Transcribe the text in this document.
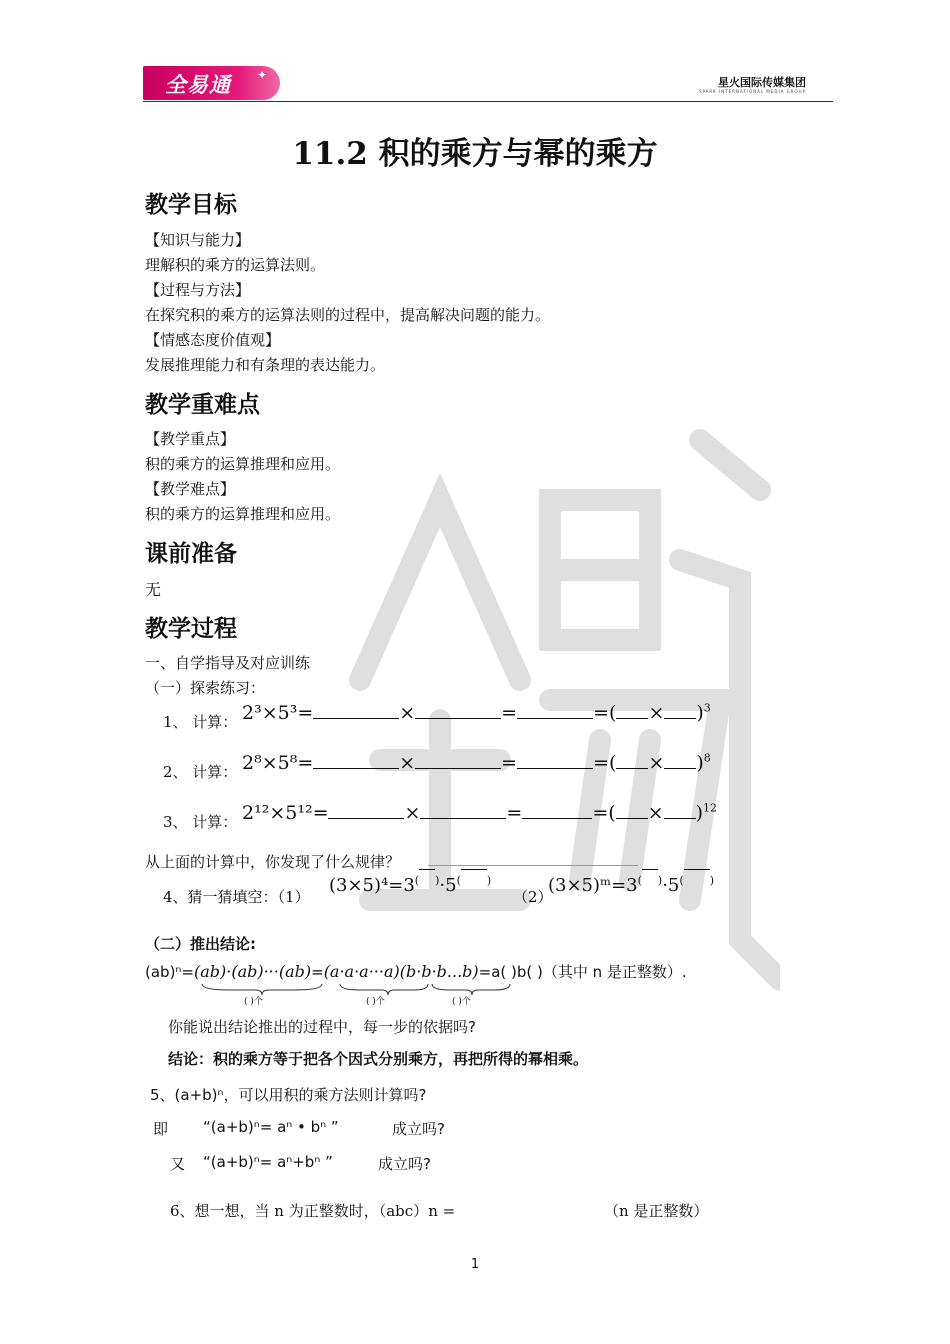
全易通 ✦
星火国际传媒集团
SPARK INTERNATIONAL MEDIA GROUP
11.2 积的乘方与幂的乘方
教学目标
【知识与能力】
理解积的乘方的运算法则。
【过程与方法】
在探究积的乘方的运算法则的过程中，提高解决问题的能力。
【情感态度价值观】
发展推理能力和有条理的表达能力。
教学重难点
【教学重点】
积的乘方的运算推理和应用。
【教学难点】
积的乘方的运算推理和应用。
课前准备
无
教学过程
一、自学指导及对应训练
（一）探索练习：
1、 计算： 2³×5³=	×	=	=( × )$^3$
2、 计算： 2⁸×5⁸=	×	=	=( × )$^8$
3、 计算： 2¹²×5¹²=	×	=	=( × )$^{12}$
从上面的计算中，你发现了什么规律？
4、猜一猜填空：（1）
(3×5)⁴=3( )·5( )
（2）
(3×5)ᵐ=3( )·5( )
（二）推出结论:
(ab)ⁿ=(ab)·(ab)···(ab)=(a·a·a···a)(b·b·b...b)=a( )b( )（其中 n 是正整数）.
( )个	( )个	( )个
你能说出结论推出的过程中，每一步的依据吗?
结论：积的乘方等于把各个因式分别乘方，再把所得的幂相乘。
5、(a+b)ⁿ，可以用积的乘方法则计算吗?
即 “(a+b)ⁿ= aⁿ • bⁿ ”	成立吗?
又 “(a+b)ⁿ= aⁿ+bⁿ ”	成立吗?
6、想一想，当 n 为正整数时，（abc）n =	（n 是正整数）
1
